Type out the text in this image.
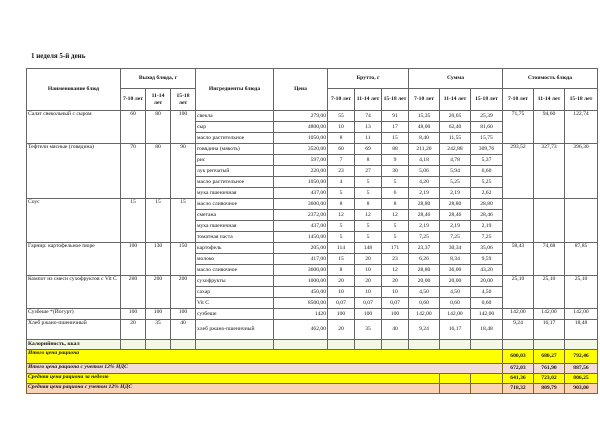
1 неделя 5-й день
Наименование блюд	Выход блюда, г			Ингредиенты блюда	Цена	Брутто, г			Сумма			Стоимость блюда		
	7-10 лет	11-14 лет	15-18 лет			7-10 лет	11-14 лет	15-18 лет	7-10 лет	11-14 лет	15-18 лет	7-10 лет	11-14 лет	15-18 лет
Салат свекольный с сыром	60	80	100	свекла	279,00	55	74	91	15,35	20,65	25,39	71,75	94,60	122,74
				сыр	4800,00	10	13	17	48,00	62,40	81,60			
				масло растительное	1050,00	8	11	15	8,40	11,55	15,75			
Тефтели мясные (говядина)	70	80	90	говядина (мякоть)	3520,00	60	69	88	211,20	242,88	309,76	293,52	327,73	396,30
				рис	597,00	7	8	9	4,18	4,78	5,37			
				лук репчатый	220,00	23	27	30	5,06	5,94	6,60			
				масло растительное	1050,00	4	5	5	4,20	5,25	5,25			
				мука пшеничная	437,00	5	5	6	2,19	2,19	2,62			
Соус	15	15	15	масло сливочное	3600,00	8	8	8	28,80	28,80	28,80			
				сметана	2372,00	12	12	12	28,46	28,46	28,46			
				мука пшеничная	437,00	5	5	5	2,19	2,19	2,19			
				томатная паста	1450,00	5	5	5	7,25	7,25	7,25			
Гарнир: картофельное пюре	100	130	150	картофель	205,00	114	148	171	23,37	30,34	35,06	58,43	74,68	87,85
				молоко	417,00	15	20	23	6,26	8,34	9,59			
				масло сливочное	3600,00	8	10	12	28,80	36,00	43,20			
Компот из смеси сухофруктов с Vit C	200	200	200	сухофрукты	1000,00	20	20	20	20,00	20,00	20,00	25,10	25,10	25,10
				сахар	450,00	10	10	10	4,50	4,50	4,50			
				Vit C	8500,00	0,07	0,07	0,07	0,60	0,60	0,60			
Сузбеше *(Йогурт)	100	100	100	сузбеше	1420	100	100	100	142,00	142,00	142,00	142,00	142,00	142,00
Хлеб ржано-пшеничный	20	35	40	хлеб ржано-пшеничный	462,00	20	35	40	9,24	16,17	18,48	9,24	16,17	18,48
Калорийность, ккал														
Итого цена рациона												600,03	680,27	792,46
Итого цена рациона с учетом 12% НДС												672,03	761,90	887,56
Средняя цена рациона за неделю												641,36	723,02	806,25
Средняя цена рациона с учетом 12% НДС												718,32	809,79	903,00
